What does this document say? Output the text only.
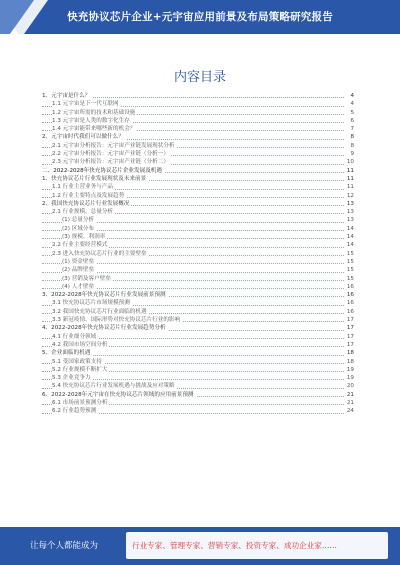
快充协议芯片企业+元宇宙应用前景及布局策略研究报告
内容目录
1、元宇宙是什么？	4
1.1 元宇宙是下一代互联网	4
1.2 元宇宙所需的技术和基础设施	5
1.3 元宇宙是人类的数字化生存	6
1.4 元宇宙能带来哪些新的机会？	7
2、元宇宙时代我们可以做什么？	8
2.1 元宇宙分析报告：元宇宙产业链发展现状分析	8
2.2 元宇宙分析报告：元宇宙产业链（分析一）	9
2.3 元宇宙分析报告：元宇宙产业链（分析二）	10
二、2022-2028年快充协议芯片企业发展及机遇	11
1、快充协议芯片行业发展现状及未来前景	11
1.1 行业主营业务与产品	11
1.2 行业主要特点及发展趋势	12
2、我国快充协议芯片行业发展概况	13
2.1 行业规模、总量分析	13
(1) 总量分析	13
(2) 区域分布	14
(3) 规模、利润率	14
2.2 行业主要经营模式	14
2.3 进入快充协议芯片行业的主要壁垒	15
(1) 资金壁垒	15
(2) 品牌壁垒	15
(3) 营销及客户壁垒	15
(4) 人才壁垒	16
3、2022-2028年快充协议芯片行业发展前景预测	16
3.1 快充协议芯片市场规模预测	16
3.2 我国快充协议芯片行业面临的机遇	16
3.3 新冠疫情、国际形势对快充协议芯片行业的影响	17
4、2022-2028年快充协议芯片行业发展趋势分析	17
4.1 行业细分领域	17
4.2 我国市场空间分析	17
5、企业面临的机遇	18
5.1 受国家政策支持	18
5.2 行业规模不断扩大	19
5.3 企业竞争力	19
5.4 快充协议芯片行业发展机遇与挑战及应对策略	20
6、2022-2028年元宇宙在快充协议芯片领域的应用前景预测	21
6.1 市场前景预测分析	21
6.2 行业趋势预测	24
让每个人都能成为	行业专家、管理专家、营销专家、投资专家、成功企业家……
